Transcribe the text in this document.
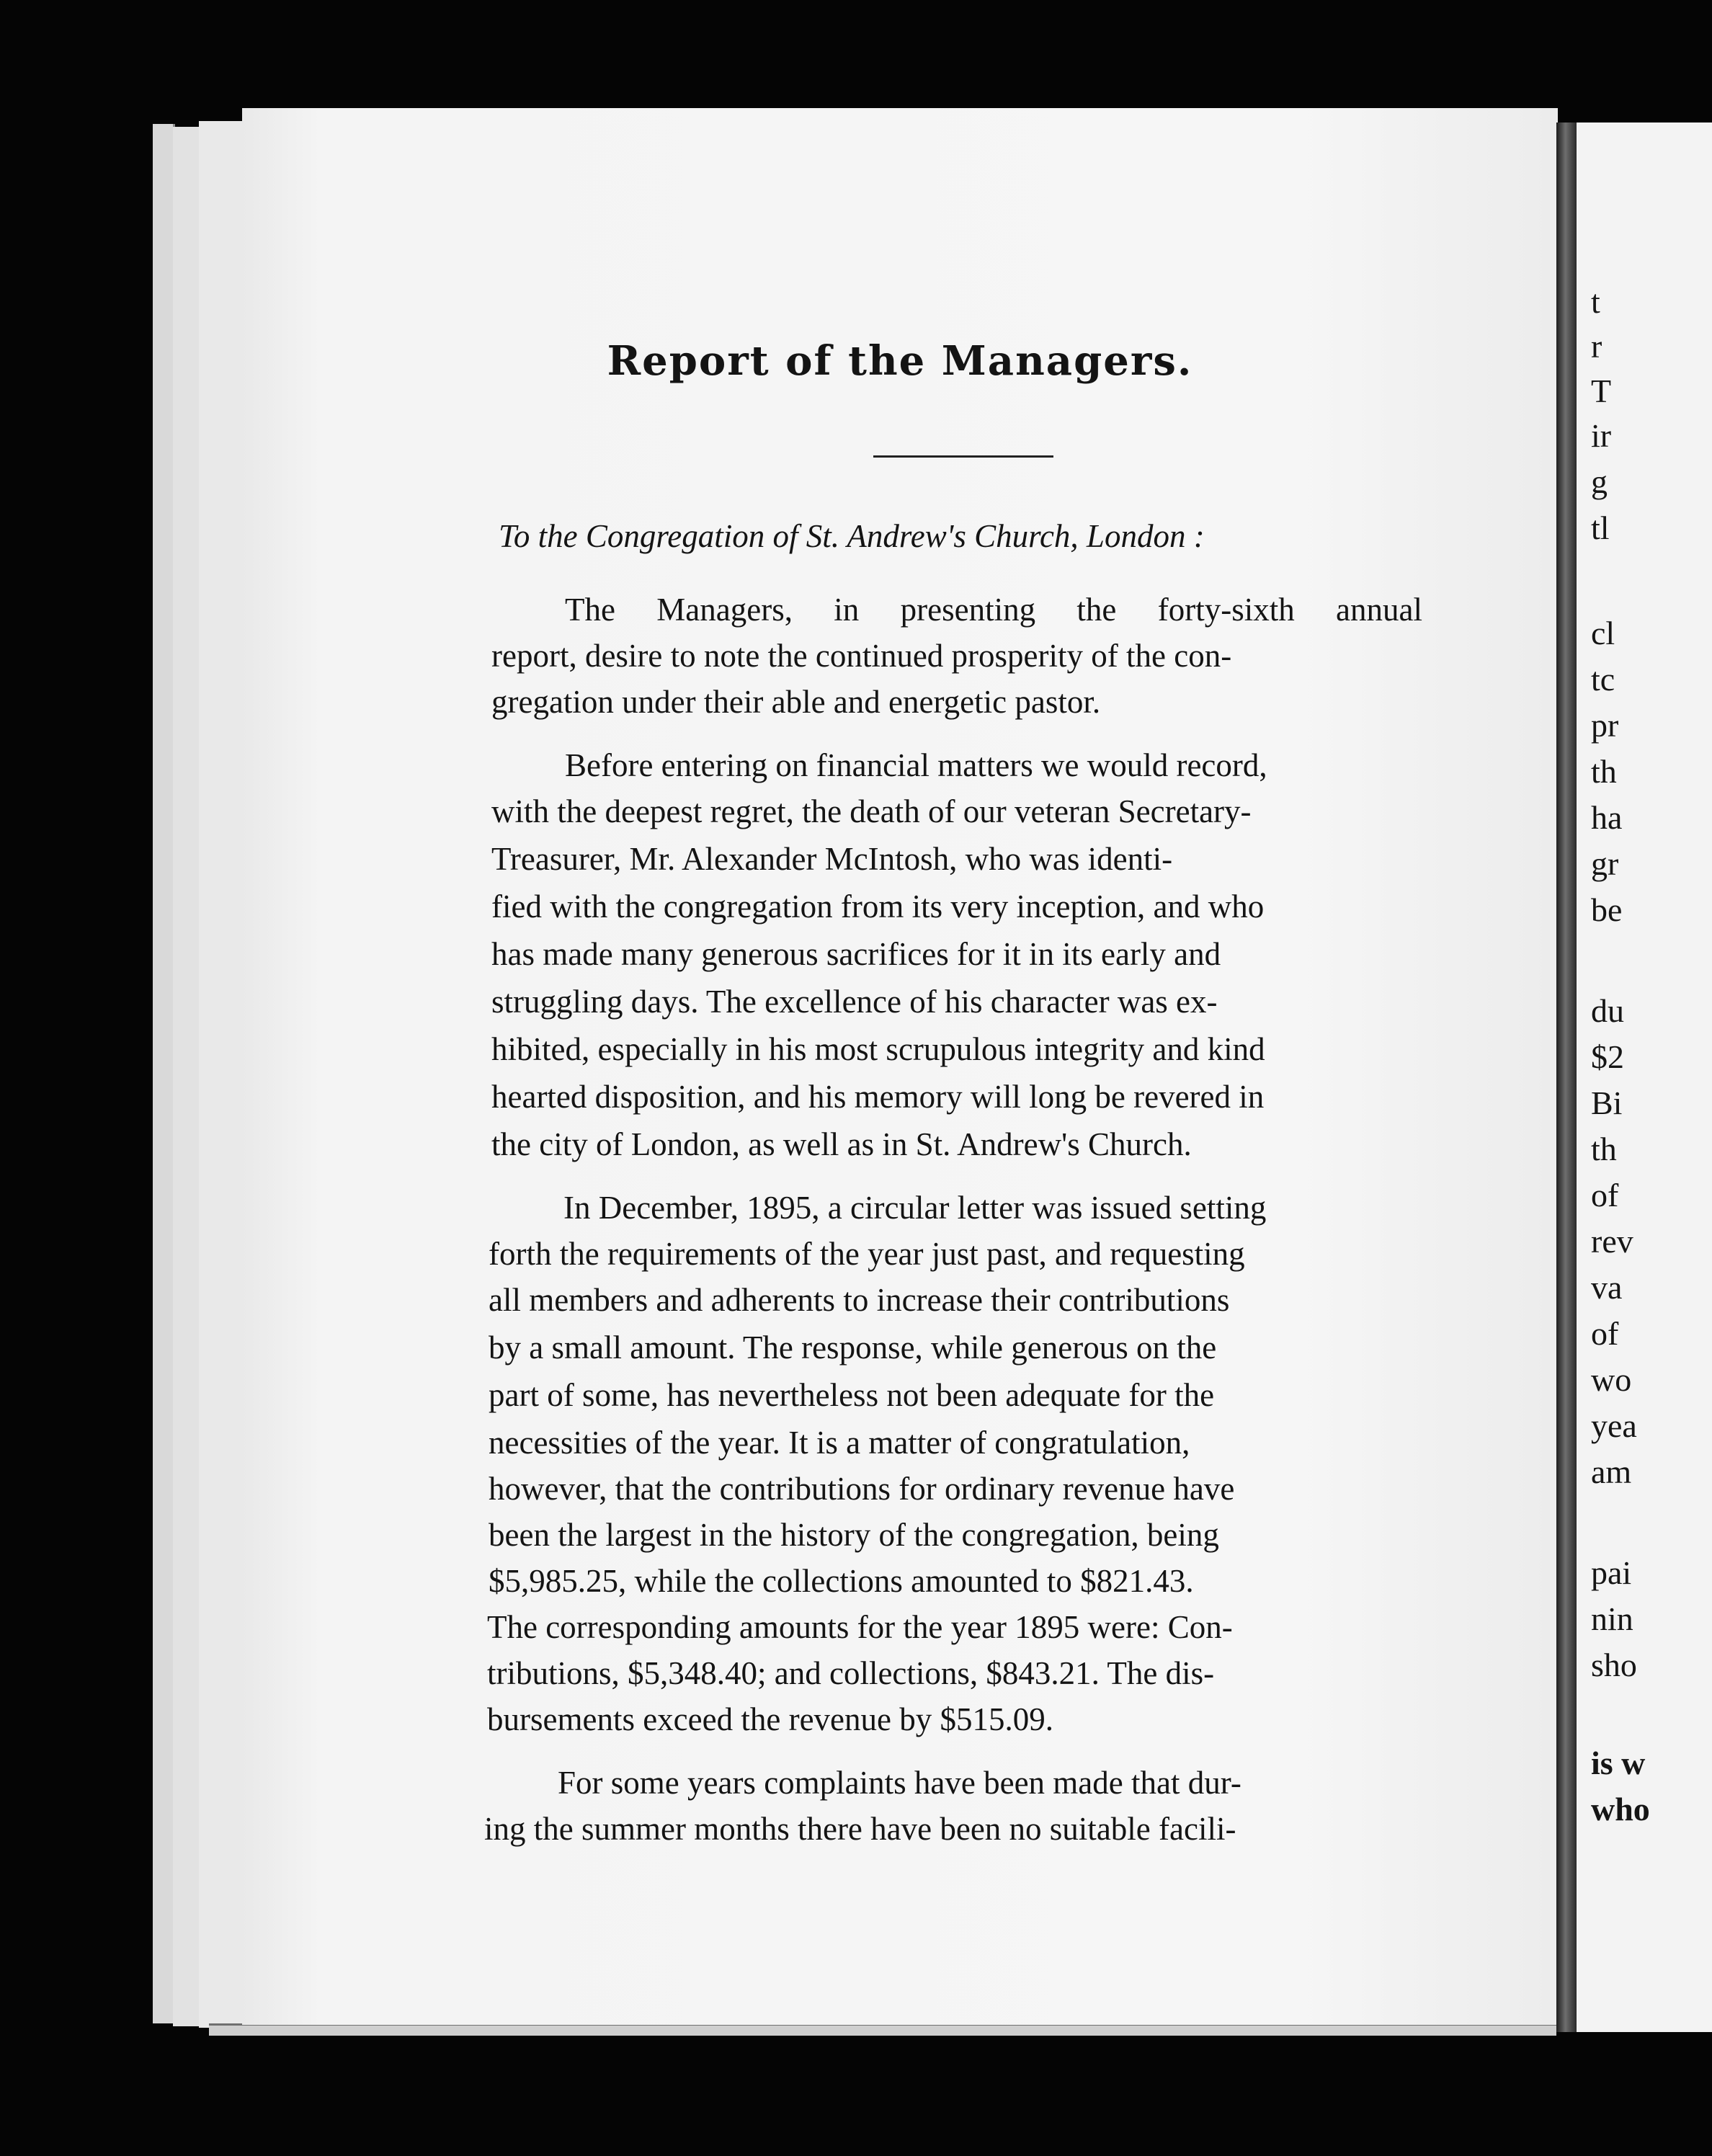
Report of the Managers.
To the Congregation of St. Andrew's Church, London :
The Managers, in presenting the forty-sixth annual
report, desire to note the continued prosperity of the con-
gregation under their able and energetic pastor.
Before entering on financial matters we would record,
with the deepest regret, the death of our veteran Secretary-
Treasurer, Mr. Alexander McIntosh, who was identi-
fied with the congregation from its very inception, and who
has made many generous sacrifices for it in its early and
struggling days. The excellence of his character was ex-
hibited, especially in his most scrupulous integrity and kind
hearted disposition, and his memory will long be revered in
the city of London, as well as in St. Andrew's Church.
In December, 1895, a circular letter was issued setting
forth the requirements of the year just past, and requesting
all members and adherents to increase their contributions
by a small amount. The response, while generous on the
part of some, has nevertheless not been adequate for the
necessities of the year. It is a matter of congratulation,
however, that the contributions for ordinary revenue have
been the largest in the history of the congregation, being
$5,985.25, while the collections amounted to $821.43.
The corresponding amounts for the year 1895 were: Con-
tributions, $5,348.40; and collections, $843.21. The dis-
bursements exceed the revenue by $515.09.
For some years complaints have been made that dur-
ing the summer months there have been no suitable facili-
t
r
T
ir
g
tl
cl
tc
pr
th
ha
gr
be
du
$2
Bi
th
of
rev
va
of
wo
yea
am
pai
nin
sho
is w
who
